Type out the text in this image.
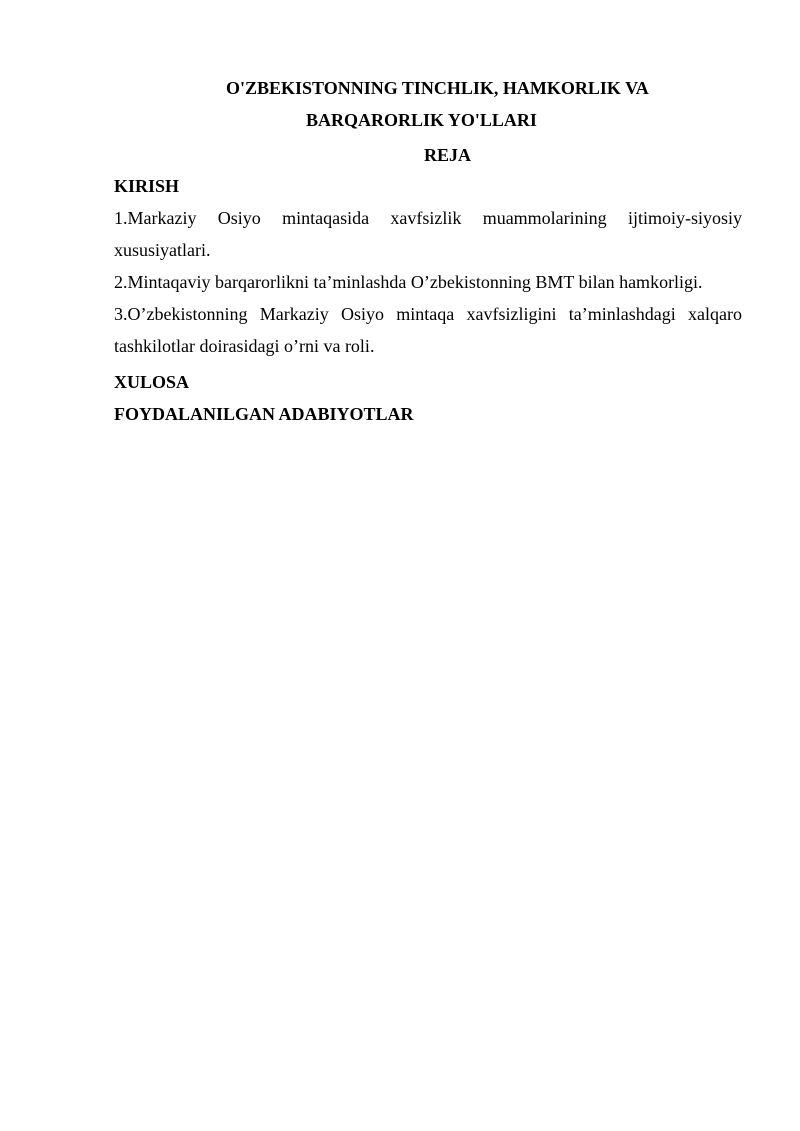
O'ZBEKISTONNING TINCHLIK, HAMKORLIK VA
BARQARORLIK YO'LLARI
REJA

KIRISH

1.Markaziy Osiyo mintaqasida xavfsizlik muammolarining ijtimoiy-siyosiy xususiyatlari.

2.Mintaqaviy barqarorlikni ta’minlashda O’zbekistonning BMT bilan hamkorligi.

3.O’zbekistonning Markaziy Osiyo mintaqa xavfsizligini ta’minlashdagi xalqaro tashkilotlar doirasidagi o’rni va roli.

XULOSA

FOYDALANILGAN ADABIYOTLAR
